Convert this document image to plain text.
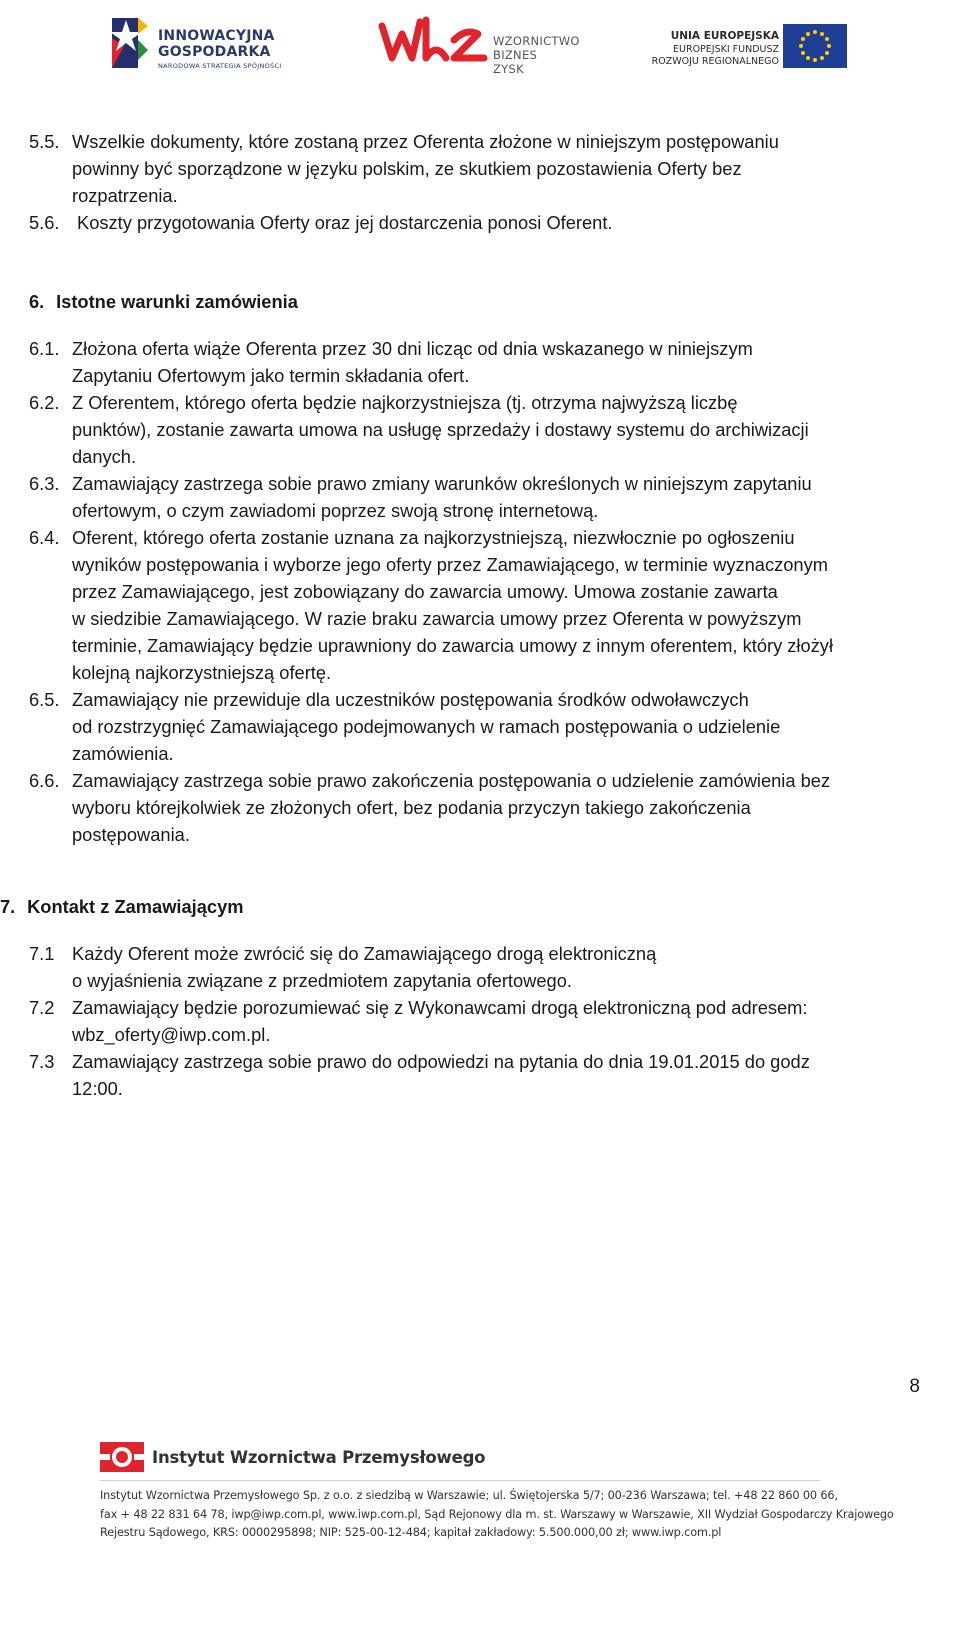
INNOWACYJNA
GOSPODARKA
NARODOWA STRATEGIA SPÓJNOŚCI
WZORNICTWO
BIZNES
ZYSK
UNIA EUROPEJSKA
EUROPEJSKI FUNDUSZ
ROZWOJU REGIONALNEGO
5.5. Wszelkie dokumenty, które zostaną przez Oferenta złożone w niniejszym postępowaniu

powinny być sporządzone w języku polskim, ze skutkiem pozostawienia Oferty bez

rozpatrzenia.

5.6. Koszty przygotowania Oferty oraz jej dostarczenia ponosi Oferent.

6. Istotne warunki zamówienia
6.1. Złożona oferta wiąże Oferenta przez 30 dni licząc od dnia wskazanego w niniejszym

Zapytaniu Ofertowym jako termin składania ofert.

6.2. Z Oferentem, którego oferta będzie najkorzystniejsza (tj. otrzyma najwyższą liczbę

punktów), zostanie zawarta umowa na usługę sprzedaży i dostawy systemu do archiwizacji

danych.

6.3. Zamawiający zastrzega sobie prawo zmiany warunków określonych w niniejszym zapytaniu

ofertowym, o czym zawiadomi poprzez swoją stronę internetową.

6.4. Oferent, którego oferta zostanie uznana za najkorzystniejszą, niezwłocznie po ogłoszeniu

wyników postępowania i wyborze jego oferty przez Zamawiającego, w terminie wyznaczonym

przez Zamawiającego, jest zobowiązany do zawarcia umowy. Umowa zostanie zawarta

w siedzibie Zamawiającego. W razie braku zawarcia umowy przez Oferenta w powyższym

terminie, Zamawiający będzie uprawniony do zawarcia umowy z innym oferentem, który złożył

kolejną najkorzystniejszą ofertę.

6.5. Zamawiający nie przewiduje dla uczestników postępowania środków odwoławczych

od rozstrzygnięć Zamawiającego podejmowanych w ramach postępowania o udzielenie

zamówienia.

6.6. Zamawiający zastrzega sobie prawo zakończenia postępowania o udzielenie zamówienia bez

wyboru którejkolwiek ze złożonych ofert, bez podania przyczyn takiego zakończenia

postępowania.

7. Kontakt z Zamawiającym
7.1 Każdy Oferent może zwrócić się do Zamawiającego drogą elektroniczną

o wyjaśnienia związane z przedmiotem zapytania ofertowego.

7.2 Zamawiający będzie porozumiewać się z Wykonawcami drogą elektroniczną pod adresem:

wbz_oferty@iwp.com.pl.

7.3 Zamawiający zastrzega sobie prawo do odpowiedzi na pytania do dnia 19.01.2015 do godz

12:00.

8
Instytut Wzornictwa Przemysłowego
Instytut Wzornictwa Przemysłowego Sp. z o.o. z siedzibą w Warszawie; ul. Świętojerska 5/7; 00-236 Warszawa; tel. +48 22 860 00 66,
fax + 48 22 831 64 78, iwp@iwp.com.pl, www.iwp.com.pl, Sąd Rejonowy dla m. st. Warszawy w Warszawie, XII Wydział Gospodarczy Krajowego
Rejestru Sądowego, KRS: 0000295898; NIP: 525-00-12-484; kapitał zakładowy: 5.500.000,00 zł; www.iwp.com.pl
